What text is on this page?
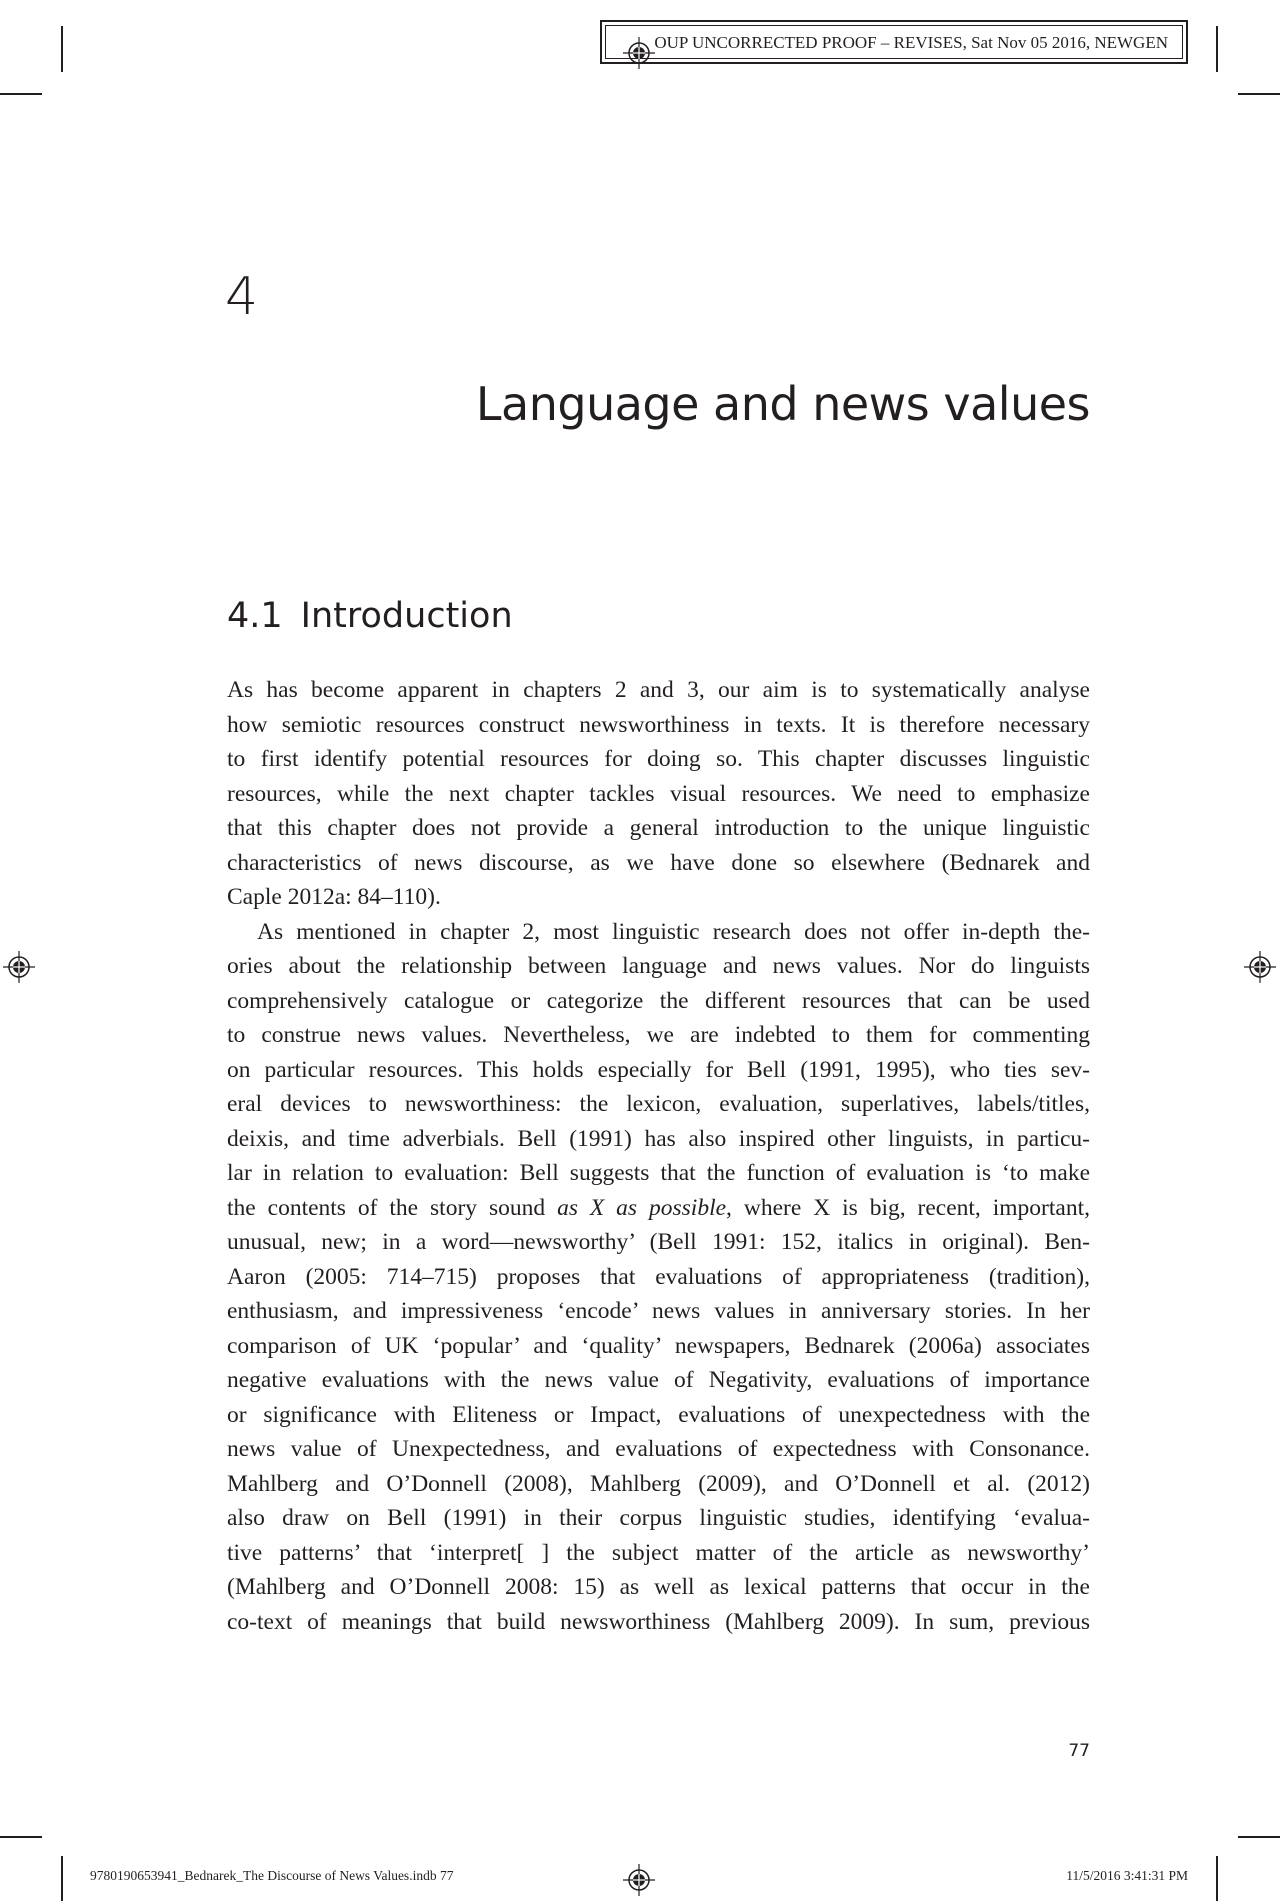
OUP UNCORRECTED PROOF – REVISES, Sat Nov 05 2016, NEWGEN
4
Language and news values
4.1 Introduction
As has become apparent in chapters 2 and 3, our aim is to systematically analyse
how semiotic resources construct newsworthiness in texts. It is therefore necessary
to first identify potential resources for doing so. This chapter discusses linguistic
resources, while the next chapter tackles visual resources. We need to emphasize
that this chapter does not provide a general introduction to the unique linguistic
characteristics of news discourse, as we have done so elsewhere (Bednarek and
Caple 2012a: 84–110).
As mentioned in chapter 2, most linguistic research does not offer in-depth the-
ories about the relationship between language and news values. Nor do linguists
comprehensively catalogue or categorize the different resources that can be used
to construe news values. Nevertheless, we are indebted to them for commenting
on particular resources. This holds especially for Bell (1991, 1995), who ties sev-
eral devices to newsworthiness: the lexicon, evaluation, superlatives, labels/titles,
deixis, and time adverbials. Bell (1991) has also inspired other linguists, in particu-
lar in relation to evaluation: Bell suggests that the function of evaluation is ‘to make
the contents of the story sound as X as possible, where X is big, recent, important,
unusual, new; in a word—newsworthy’ (Bell 1991: 152, italics in original). Ben-
Aaron (2005: 714–715) proposes that evaluations of appropriateness (tradition),
enthusiasm, and impressiveness ‘encode’ news values in anniversary stories. In her
comparison of UK ‘popular’ and ‘quality’ newspapers, Bednarek (2006a) associates
negative evaluations with the news value of Negativity, evaluations of importance
or significance with Eliteness or Impact, evaluations of unexpectedness with the
news value of Unexpectedness, and evaluations of expectedness with Consonance.
Mahlberg and O’Donnell (2008), Mahlberg (2009), and O’Donnell et al. (2012)
also draw on Bell (1991) in their corpus linguistic studies, identifying ‘evalua-
tive patterns’ that ‘interpret[ ] the subject matter of the article as newsworthy’
(Mahlberg and O’Donnell 2008: 15) as well as lexical patterns that occur in the
co-text of meanings that build newsworthiness (Mahlberg 2009). In sum, previous
77
9780190653941_Bednarek_The Discourse of News Values.indb 77	11/5/2016 3:41:31 PM
